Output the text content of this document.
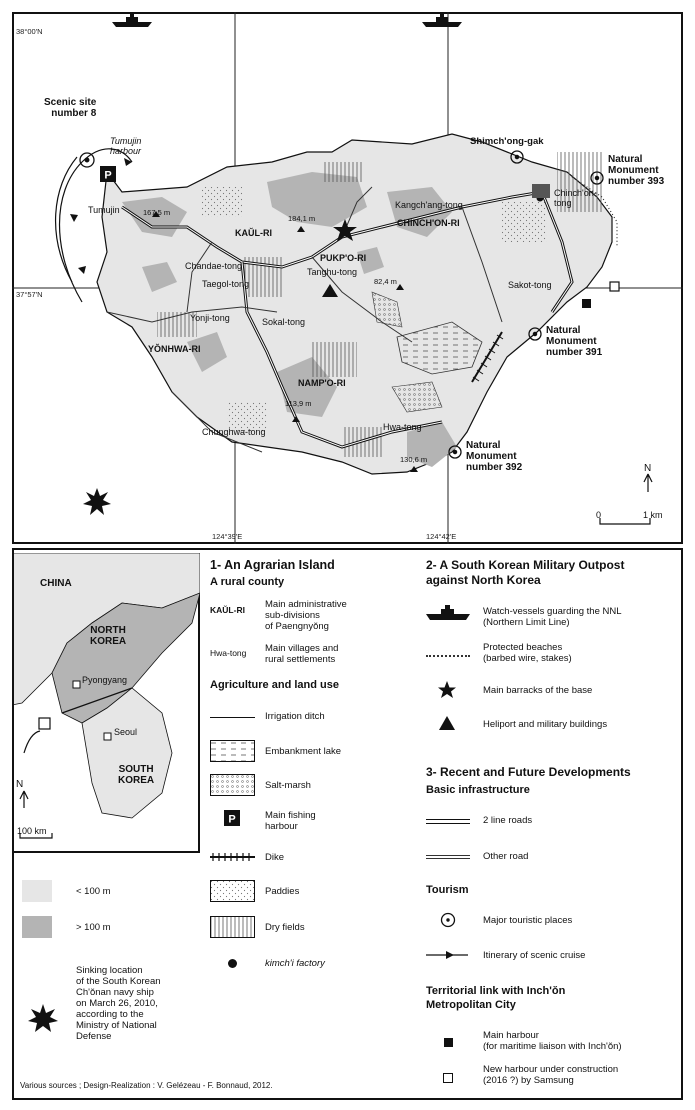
P
38°00'N
37°57'N
124°39'E	124°42'E
Scenic site
number 8
Tumujin
harbour
Tumujin
KAŬL-RI
Chandae-tong
Taegol-tong
Yonji-tong	Sokal-tong
YŎNHWA-RI
PUKP'O-RI
Tanghu-tong
NAMP'O-RI
Chunghwa-tong	Hwa-tong
Kangch'ang-tong
CHINCH'ON-RI
Chinch'on-
tong
Sakot-tong
Shimch'ong-gak
Natural
Monument
number 393
Natural
Monument
number 391
Natural
Monument
number 392
167,5 m
184,1 m
82,4 m
113,9 m
130,6 m
N
0	1 km
CHINA
NORTH
KOREA
SOUTH
KOREA
Pyongyang
Seoul
N
100 km
< 100 m
> 100 m
Sinking location
of the South Korean
Ch'ŏnan navy ship
on March 26, 2010,
according to the
Ministry of National
Defense
Various sources ; Design-Realization : V. Gelézeau - F. Bonnaud, 2012.
1- An Agrarian Island
A rural county
KAŬL-RI Main administrative
sub-divisions
of Paengnyŏng
Hwa-tong Main villages and
rural settlements
Agriculture and land use
Irrigation ditch
Embankment lake
Salt-marsh
P	Main fishing
harbour
Dike
Paddies
Dry fields
kimch'i factory
2- A South Korean Military Outpost
against North Korea
Watch-vessels guarding the NNL
(Northern Limit Line)
Protected beaches
(barbed wire, stakes)
Main barracks of the base
Heliport and military buildings
3- Recent and Future Developments
Basic infrastructure
2 line roads
Other road
Tourism
Major touristic places
Itinerary of scenic cruise
Territorial link with Inch'ŏn
Metropolitan City
Main harbour
(for maritime liaison with Inch'ŏn)
New harbour under construction
(2016 ?) by Samsung
